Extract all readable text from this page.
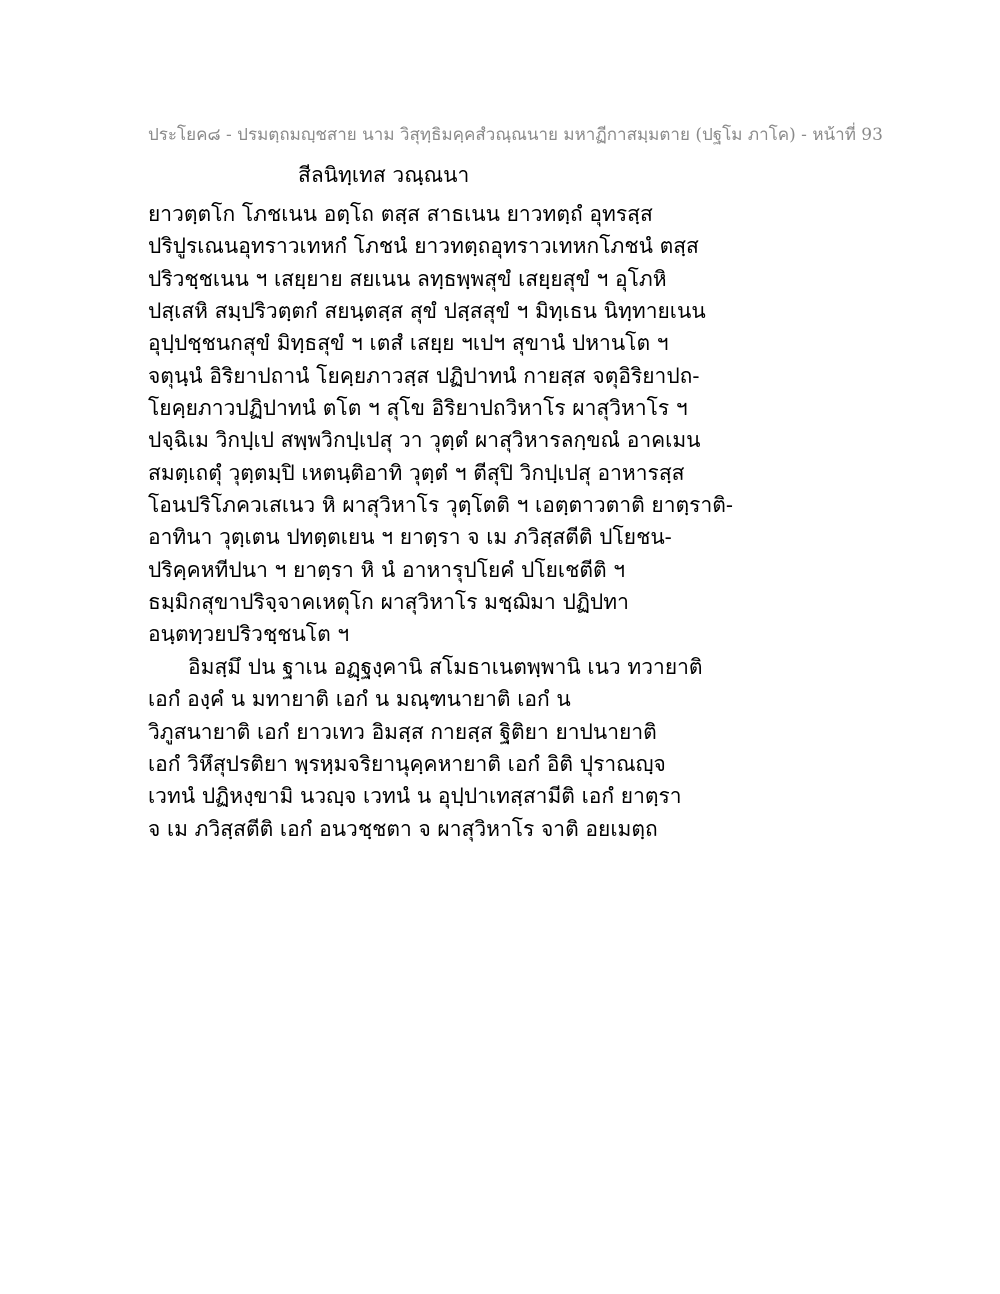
ประโยค๘ - ปรมตฺถมญฺชสาย นาม วิสุทฺธิมคฺคสํวณฺณนาย มหาฏีกาสมฺมตาย (ปฐโม ภาโค) - หน้าที่ 93
สีลนิทฺเทส วณฺณนา

ยาวตฺตโก โภชเนน อตฺโถ ตสฺส สาธเนน ยาวทตฺถํ อุทรสฺส

ปริปูรเณนอุทราวเทหกํ โภชนํ ยาวทตฺถอุทราวเทหกโภชนํ ตสฺส

ปริวชฺชเนน ฯ เสยฺยาย สยเนน ลทฺธพฺพสุขํ เสยฺยสุขํ ฯ อุโภหิ

ปสฺเสหิ สมฺปริวตฺตกํ สยนฺตสฺส สุขํ ปสฺสสุขํ ฯ มิทฺเธน นิทฺทายเนน

อุปฺปชฺชนกสุขํ มิทฺธสุขํ ฯ เตสํ เสยฺย ฯเปฯ สุขานํ ปหานโต ฯ

จตุนฺนํ อิริยาปถานํ โยคฺยภาวสฺส ปฏิปาทนํ กายสฺส จตุอิริยาปถ-

โยคฺยภาวปฏิปาทนํ ตโต ฯ สุโข อิริยาปถวิหาโร ผาสุวิหาโร ฯ

ปจฺฉิเม วิกปฺเป สพฺพวิกปฺเปสุ วา วุตฺตํ ผาสุวิหารลกฺขณํ อาคเมน

สมตฺเถตุํ วุตฺตมฺปิ เหตนฺติอาทิ วุตฺตํ ฯ ตีสุปิ วิกปฺเปสุ อาหารสฺส

โอนปริโภควเสเนว หิ ผาสุวิหาโร วุตฺโตติ ฯ เอตฺตาวตาติ ยาตฺราติ-

อาทินา วุตฺเตน ปทตฺตเยน ฯ ยาตฺรา จ เม ภวิสฺสตีติ ปโยชน-

ปริคฺคหทีปนา ฯ ยาตฺรา หิ นํ อาหารุปโยคํ ปโยเชตีติ ฯ

ธมฺมิกสุขาปริจฺจาคเหตุโก ผาสุวิหาโร มชฺฌิมา ปฏิปทา

อนฺตทฺวยปริวชฺชนโต ฯ

อิมสฺมึ ปน ฐาเน อฏฺฐงฺคานิ สโมธาเนตพฺพานิ เนว ทวายาติ

เอกํ องฺคํ น มทายาติ เอกํ น มณฺฑนายาติ เอกํ น

วิภูสนายาติ เอกํ ยาวเทว อิมสฺส กายสฺส ฐิติยา ยาปนายาติ

เอกํ วิหึสุปรติยา พฺรหฺมจริยานุคฺคหายาติ เอกํ อิติ ปุราณญฺจ

เวทนํ ปฏิหงฺขามิ นวญฺจ เวทนํ น อุปฺปาเทสฺสามีติ เอกํ ยาตฺรา

จ เม ภวิสฺสตีติ เอกํ อนวชฺชตา จ ผาสุวิหาโร จาติ อยเมตฺถ
